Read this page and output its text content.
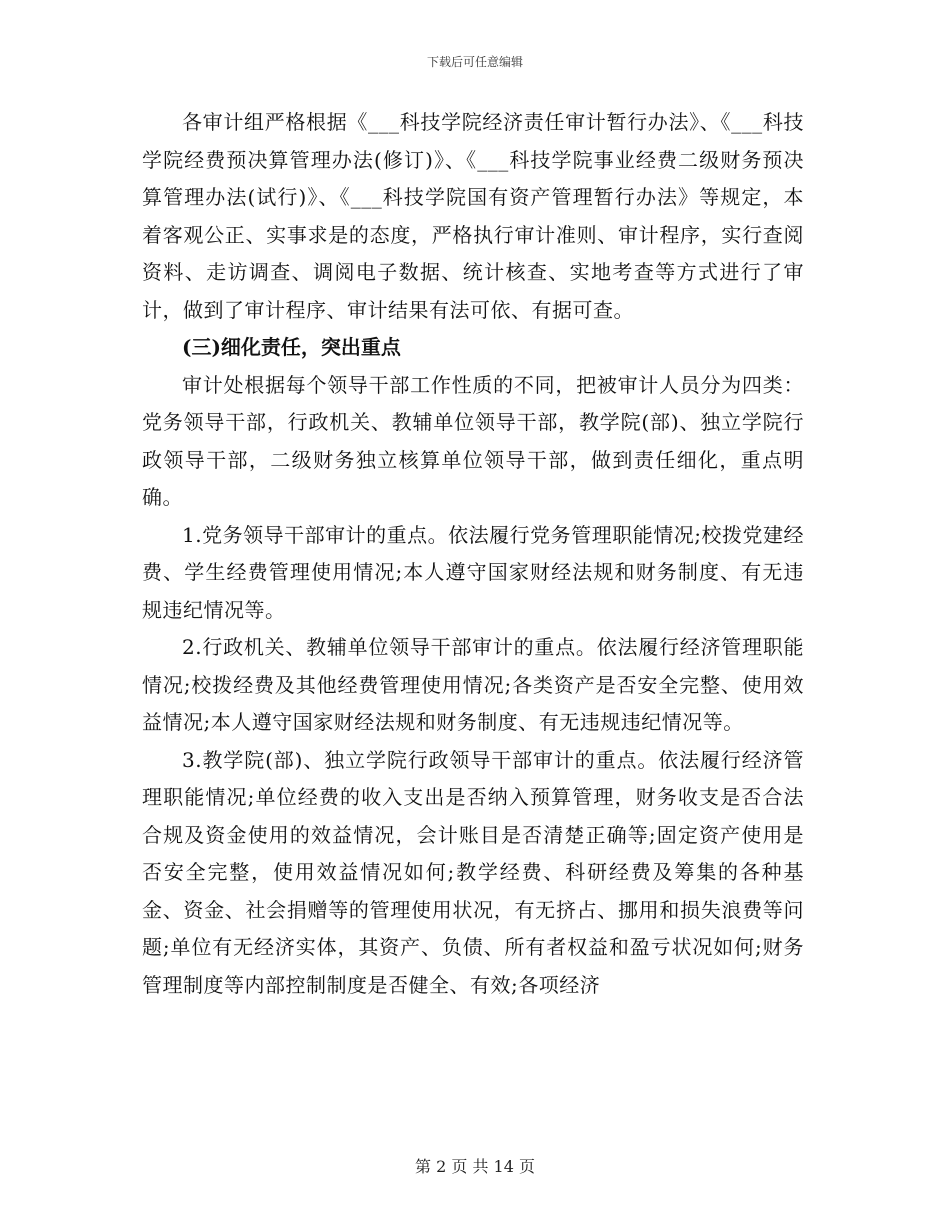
下载后可任意编辑

各审计组严格根据《___科技学院经济责任审计暂行办法》、《___科技学院经费预决算管理办法(修订)》、《___科技学院事业经费二级财务预决算管理办法(试行)》、《___科技学院国有资产管理暂行办法》等规定，本着客观公正、实事求是的态度，严格执行审计准则、审计程序，实行查阅资料、走访调查、调阅电子数据、统计核查、实地考查等方式进行了审计，做到了审计程序、审计结果有法可依、有据可查。

(三)细化责任，突出重点

审计处根据每个领导干部工作性质的不同，把被审计人员分为四类：党务领导干部，行政机关、教辅单位领导干部，教学院(部)、独立学院行政领导干部，二级财务独立核算单位领导干部，做到责任细化，重点明确。

1.党务领导干部审计的重点。依法履行党务管理职能情况;校拨党建经费、学生经费管理使用情况;本人遵守国家财经法规和财务制度、有无违规违纪情况等。

2.行政机关、教辅单位领导干部审计的重点。依法履行经济管理职能情况;校拨经费及其他经费管理使用情况;各类资产是否安全完整、使用效益情况;本人遵守国家财经法规和财务制度、有无违规违纪情况等。

3.教学院(部)、独立学院行政领导干部审计的重点。依法履行经济管理职能情况;单位经费的收入支出是否纳入预算管理，财务收支是否合法合规及资金使用的效益情况，会计账目是否清楚正确等;固定资产使用是否安全完整，使用效益情况如何;教学经费、科研经费及筹集的各种基金、资金、社会捐赠等的管理使用状况，有无挤占、挪用和损失浪费等问题;单位有无经济实体，其资产、负债、所有者权益和盈亏状况如何;财务管理制度等内部控制制度是否健全、有效;各项经济

第 2 页 共 14 页
